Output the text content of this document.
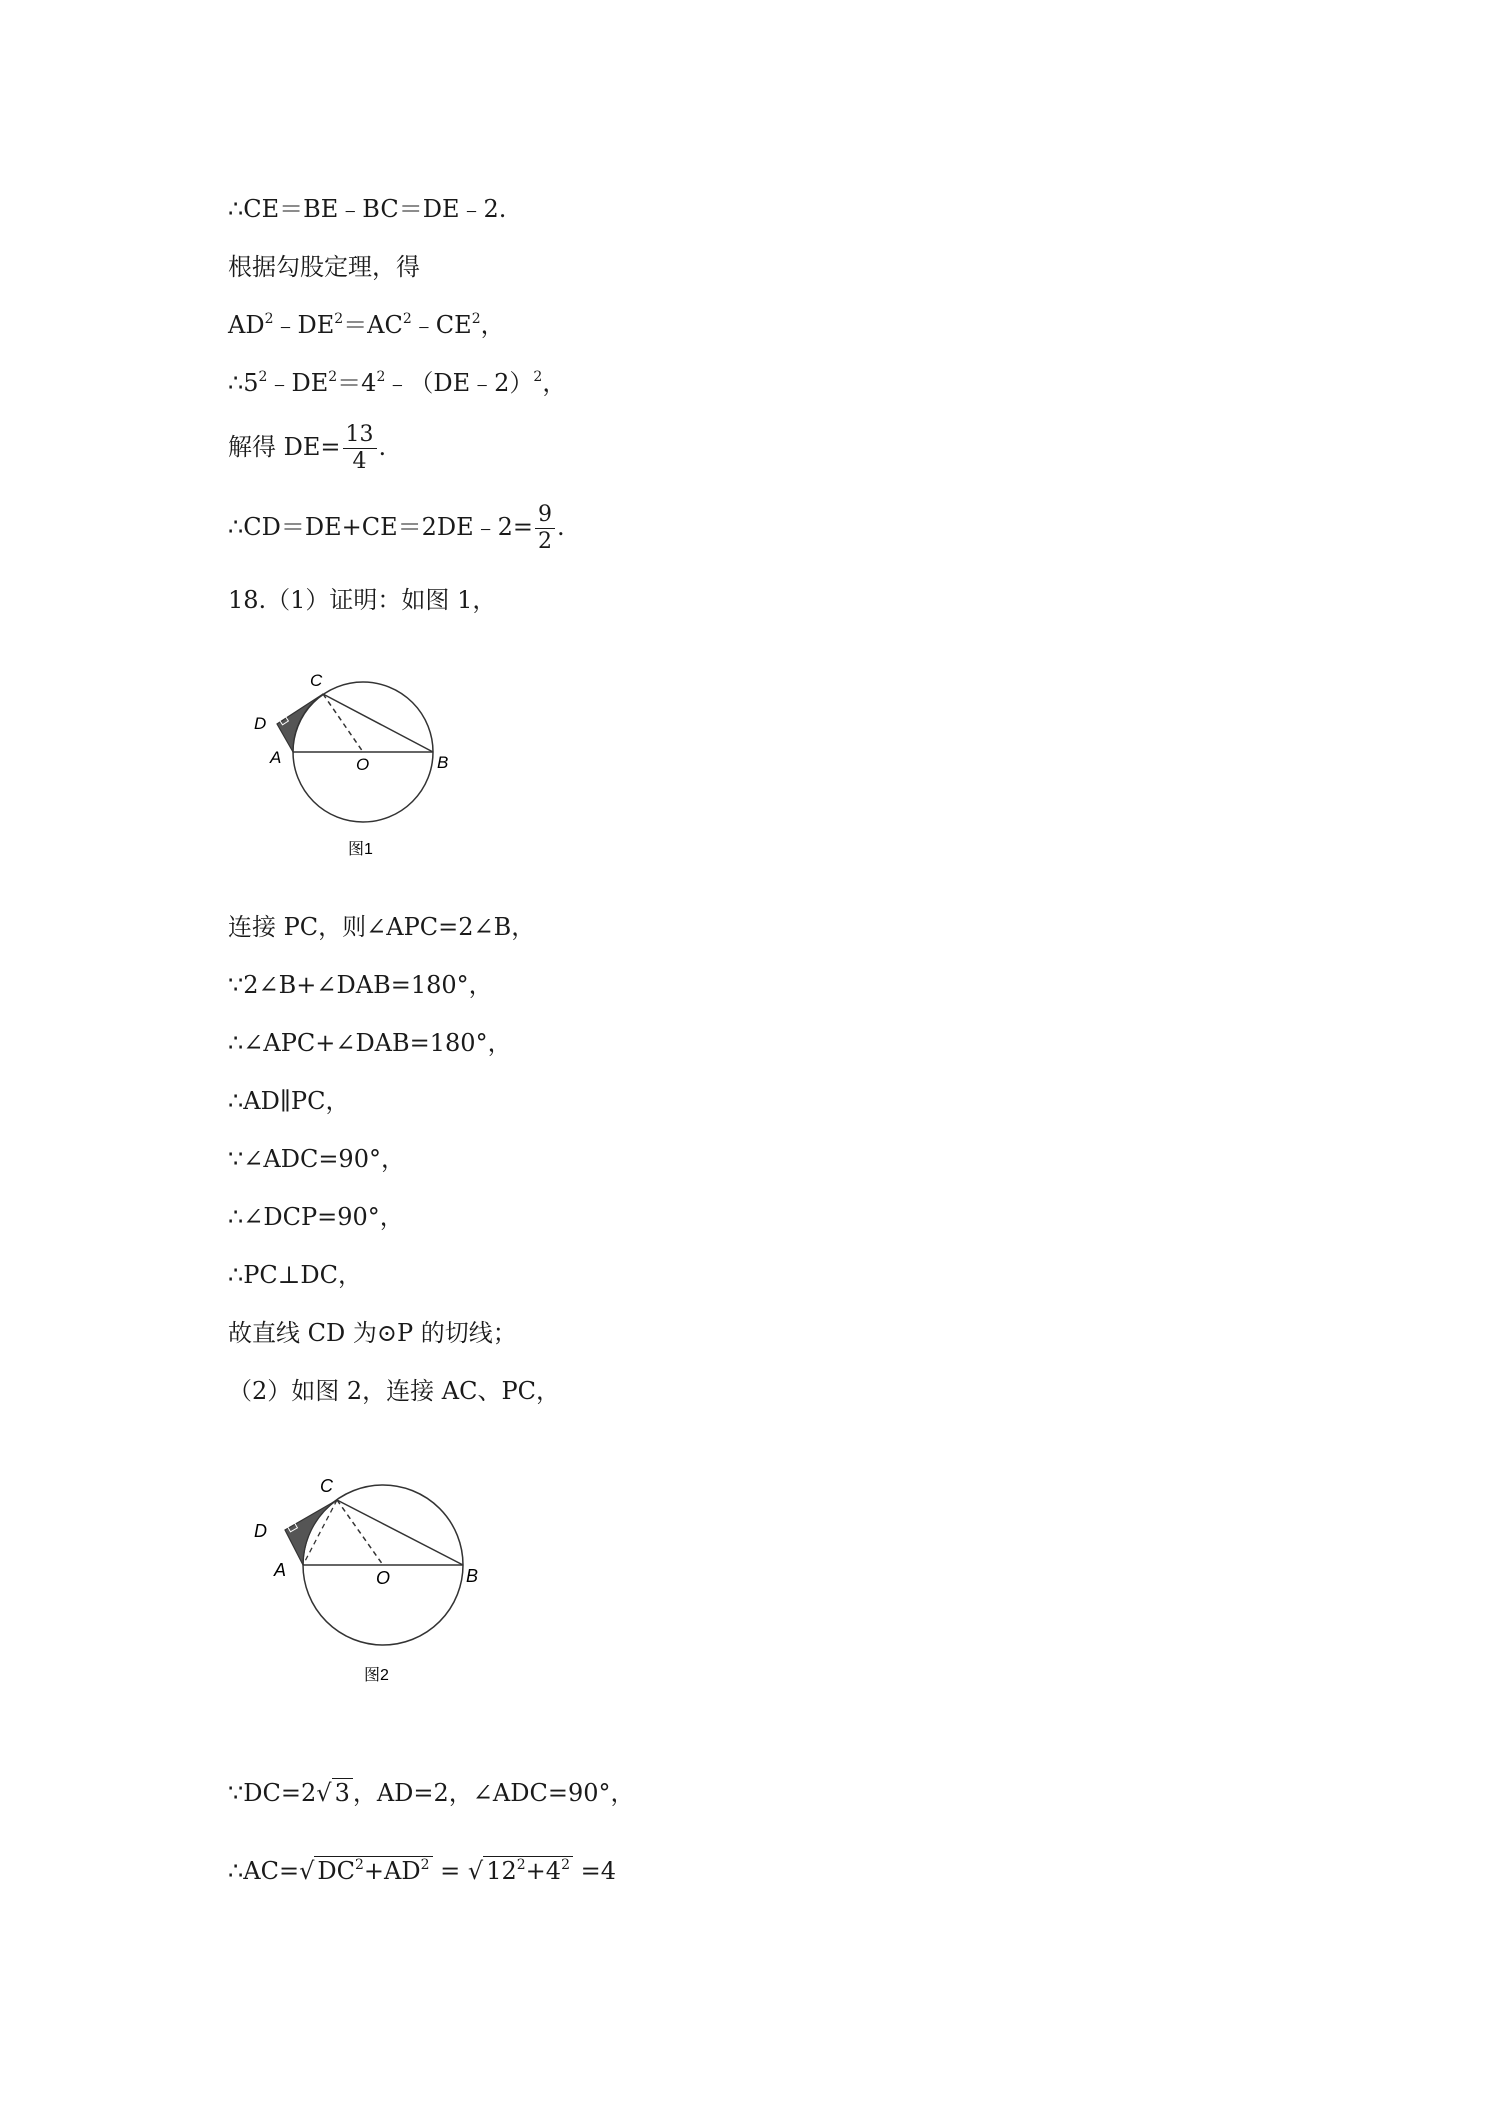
∴CE＝BE﹣BC＝DE﹣2.
根据勾股定理，得
$AD^2﹣DE^2=AC^2﹣CE^2$，
$\therefore 5^2﹣DE^2=4^2﹣(DE﹣2)^2$，
解得 $DE= \frac{13}{4}$ .
∴CD＝DE+CE＝2DE﹣2= $\frac{9}{2}$ .
18.（1）证明：如图 1，
C
D
A	O	B
图1
连接 PC，则∠APC=2∠B，
∵2∠B+∠DAB=180°，
∴∠APC+∠DAB=180°，
∴AD∥PC，
∵∠ADC=90°，
∴∠DCP=90°，
∴PC⊥DC，
故直线 CD 为⊙P 的切线；
（2）如图 2，连接 AC、PC，
C
D
A	O	B
图2
∵DC=2√ 3 ，AD=2，∠ADC=90°，
∴AC=√ $DC^2+AD^2$ = √ $12^2+4^2 =4$
